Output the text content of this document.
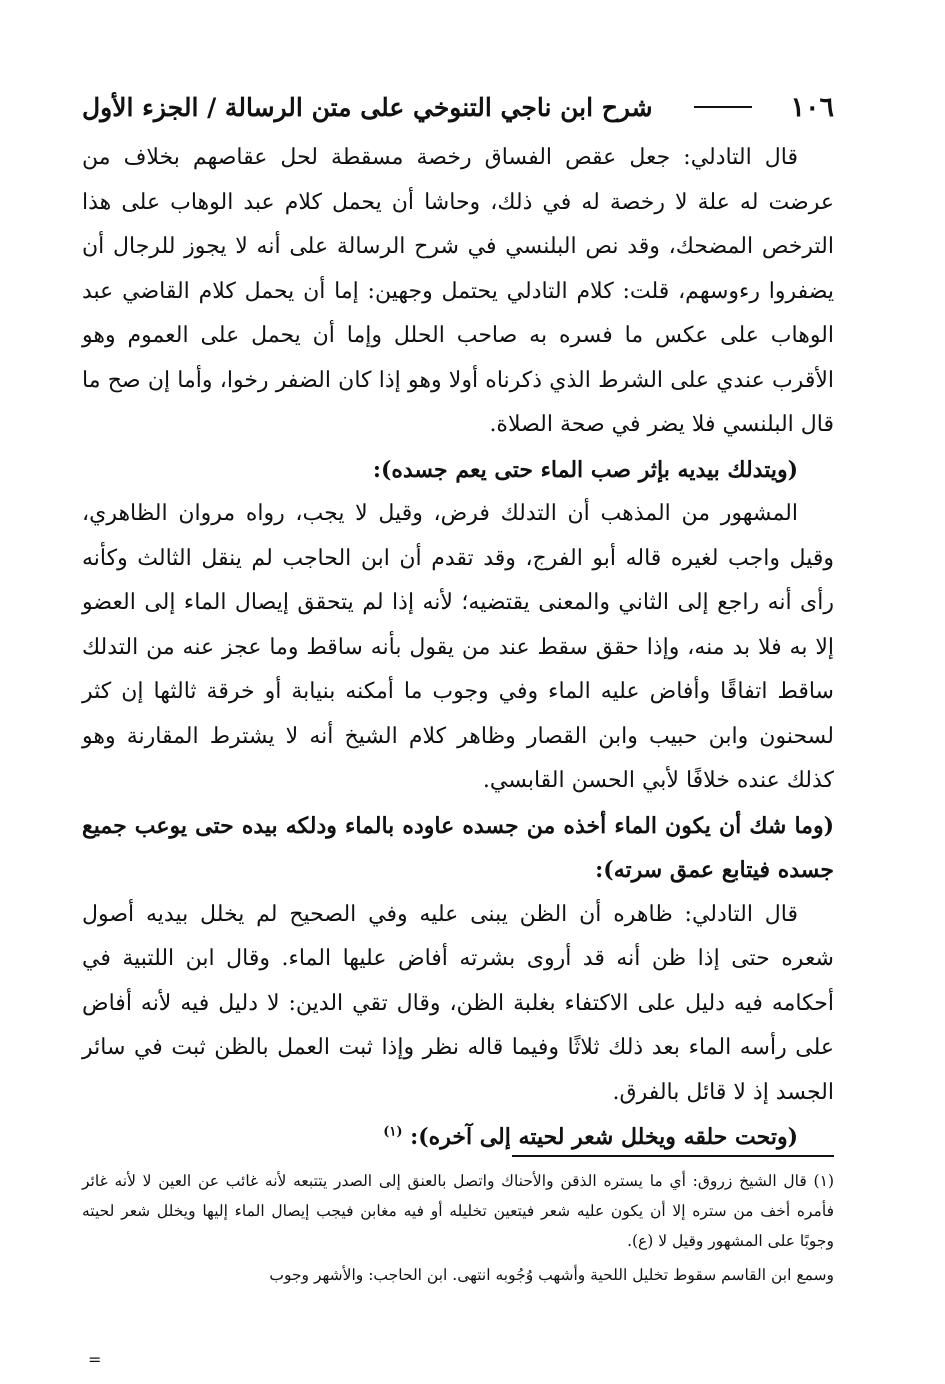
١٠٦
شرح ابن ناجي التنوخي على متن الرسالة / الجزء الأول

قال التادلي: جعل عقص الفساق رخصة مسقطة لحل عقاصهم بخلاف من عرضت له علة لا رخصة له في ذلك، وحاشا أن يحمل كلام عبد الوهاب على هذا الترخص المضحك، وقد نص البلنسي في شرح الرسالة على أنه لا يجوز للرجال أن يضفروا رءوسهم، قلت: كلام التادلي يحتمل وجهين: إما أن يحمل كلام القاضي عبد الوهاب على عكس ما فسره به صاحب الحلل وإما أن يحمل على العموم وهو الأقرب عندي على الشرط الذي ذكرناه أولا وهو إذا كان الضفر رخوا، وأما إن صح ما قال البلنسي فلا يضر في صحة الصلاة.

(ويتدلك بيديه بإثر صب الماء حتى يعم جسده):

المشهور من المذهب أن التدلك فرض، وقيل لا يجب، رواه مروان الظاهري، وقيل واجب لغيره قاله أبو الفرج، وقد تقدم أن ابن الحاجب لم ينقل الثالث وكأنه رأى أنه راجع إلى الثاني والمعنى يقتضيه؛ لأنه إذا لم يتحقق إيصال الماء إلى العضو إلا به فلا بد منه، وإذا حقق سقط عند من يقول بأنه ساقط وما عجز عنه من التدلك ساقط اتفاقًا وأفاض عليه الماء وفي وجوب ما أمكنه بنيابة أو خرقة ثالثها إن كثر لسحنون وابن حبيب وابن القصار وظاهر كلام الشيخ أنه لا يشترط المقارنة وهو كذلك عنده خلافًا لأبي الحسن القابسي.

(وما شك أن يكون الماء أخذه من جسده عاوده بالماء ودلكه بيده حتى يوعب جميع جسده فيتابع عمق سرته):

قال التادلي: ظاهره أن الظن يبنى عليه وفي الصحيح لم يخلل بيديه أصول شعره حتى إذا ظن أنه قد أروى بشرته أفاض عليها الماء. وقال ابن اللتبية في أحكامه فيه دليل على الاكتفاء بغلبة الظن، وقال تقي الدين: لا دليل فيه لأنه أفاض على رأسه الماء بعد ذلك ثلاثًا وفيما قاله نظر وإذا ثبت العمل بالظن ثبت في سائر الجسد إذ لا قائل بالفرق.

(وتحت حلقه ويخلل شعر لحيته إلى آخره): $^{(١)}$

(١) قال الشيخ زروق: أي ما يستره الذقن والأحناك واتصل بالعنق إلى الصدر يتتبعه لأنه غائب عن العين لا لأنه غائر فأمره أخف من ستره إلا أن يكون عليه شعر فيتعين تخليله أو فيه مغابن فيجب إيصال الماء إليها ويخلل شعر لحيته وجوبًا على المشهور وقيل لا (ع).

وسمع ابن القاسم سقوط تخليل اللحية وأشهب وُجُوبه انتهى. ابن الحاجب: والأشهر وجوب

=
